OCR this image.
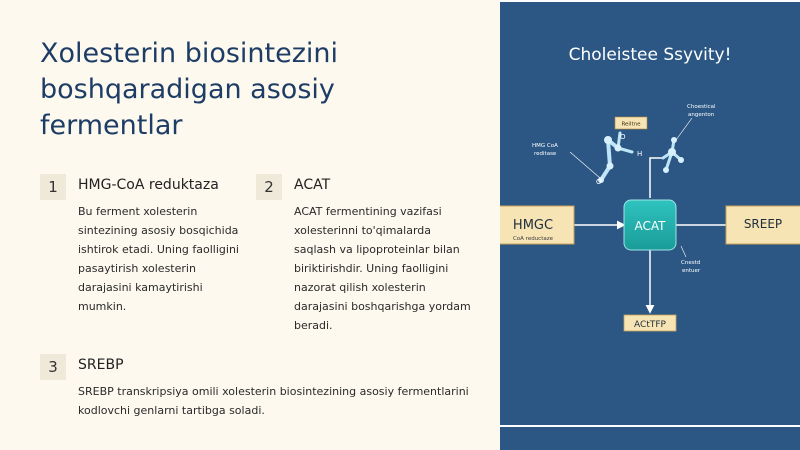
Xolesterin biosintezini boshqaradigan asosiy fermentlar
1	HMG-CoA reduktaza

Bu ferment xolesterin sintezining asosiy bosqichida ishtirok etadi. Uning faolligini pasaytirish xolesterin darajasini kamaytirishi mumkin.

2	ACAT

ACAT fermentining vazifasi xolesterinni to'qimalarda saqlash va lipoproteinlar bilan biriktirishdir. Uning faolligini nazorat qilish xolesterin darajasini boshqarishga yordam beradi.

3	SREBP

SREBP transkripsiya omili xolesterin biosintezining asosiy fermentlarini kodlovchi genlarni tartibga soladi.

Choleistee Ssyvity!
O
H
O
Reiltne
HMG CoA
reditase
Choestical
angenton
Cnestd
entuer
HMGC
CoA reductaze
ACAT	SREEP
ACtTFP
